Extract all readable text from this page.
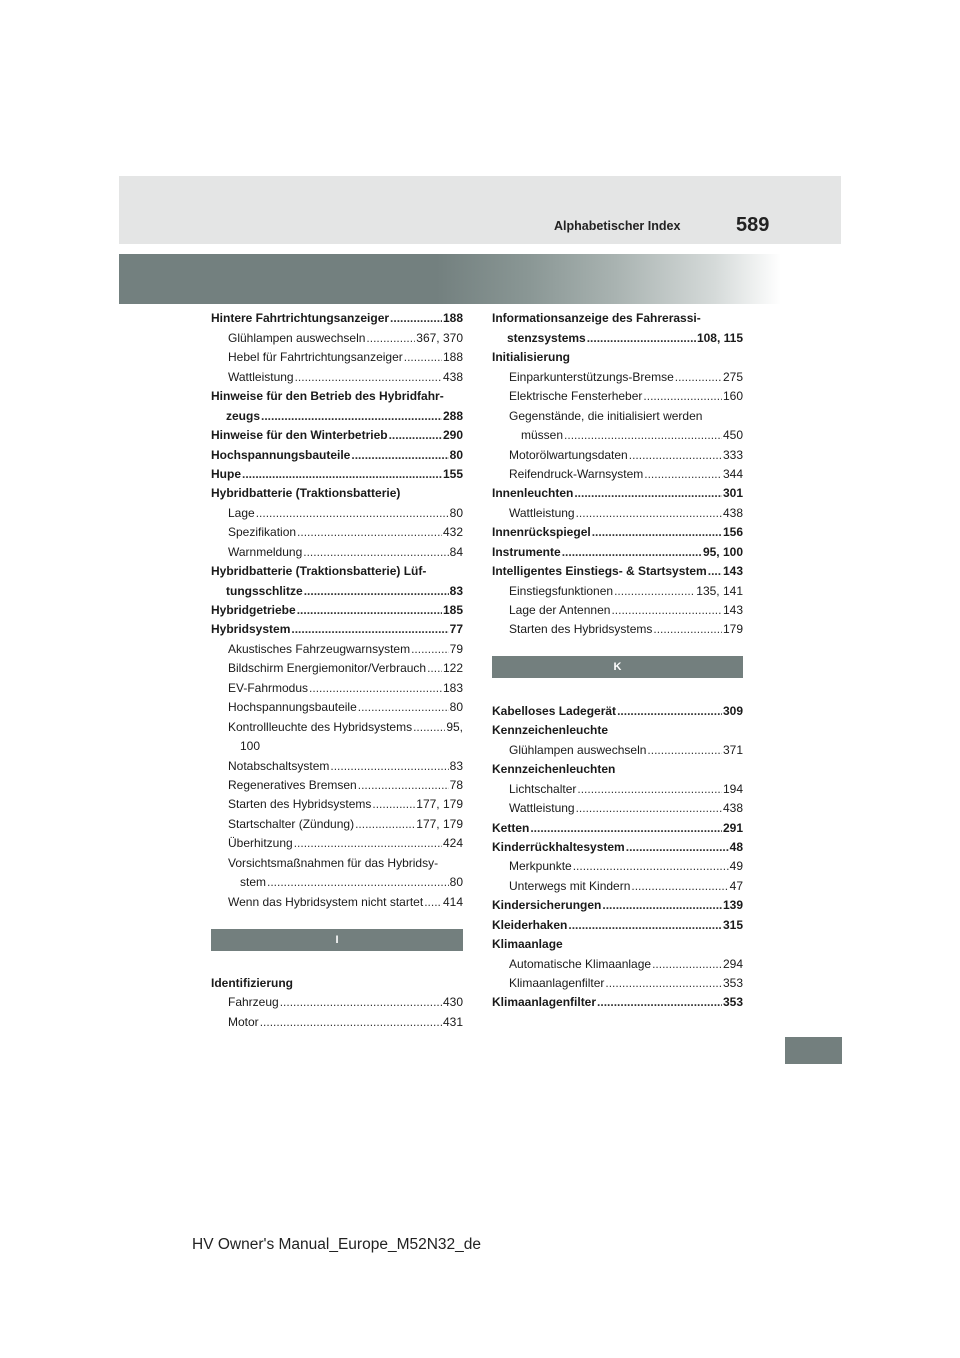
Alphabetischer Index	589
Hintere Fahrtrichtungsanzeiger .....	188
Glühlampen auswechseln .....	367, 370
Hebel für Fahrtrichtungsanzeiger .....	188
Wattleistung .....	438
Hinweise für den Betrieb des Hybridfahr-
zeugs .....	288
Hinweise für den Winterbetrieb .....	290
Hochspannungsbauteile .....	80
Hupe .....	155
Hybridbatterie (Traktionsbatterie)
Lage .....	80
Spezifikation .....	432
Warnmeldung .....	84
Hybridbatterie (Traktionsbatterie) Lüf-
tungsschlitze .....	83
Hybridgetriebe .....	185
Hybridsystem .....	77
Akustisches Fahrzeugwarnsystem .....	79
Bildschirm Energiemonitor/Verbrauch ..... 122
EV-Fahrmodus .....	183
Hochspannungsbauteile .....	80
Kontrollleuchte des Hybridsystems .....	95,
100
Notabschaltsystem .....	83
Regeneratives Bremsen .....	78
Starten des Hybridsystems .....	177, 179
Startschalter (Zündung) .....	177, 179
Überhitzung .....	424
Vorsichtsmaßnahmen für das Hybridsy-
stem .....	80
Wenn das Hybridsystem nicht startet ..... 414
I
Identifizierung
Fahrzeug .....	430
Motor .....	431
Informationsanzeige des Fahrerassi-
stenzsystems .....	108, 115
Initialisierung
Einparkunterstützungs-Bremse .....	275
Elektrische Fensterheber .....	160
Gegenstände, die initialisiert werden
müssen .....	450
Motorölwartungsdaten .....	333
Reifendruck-Warnsystem .....	344
Innenleuchten .....	301
Wattleistung .....	438
Innenrückspiegel .....	156
Instrumente .....	95, 100
Intelligentes Einstiegs- & Startsystem ..... 143
Einstiegsfunktionen .....	135, 141
Lage der Antennen .....	143
Starten des Hybridsystems .....	179
K
Kabelloses Ladegerät .....	309
Kennzeichenleuchte
Glühlampen auswechseln .....	371
Kennzeichenleuchten
Lichtschalter .....	194
Wattleistung .....	438
Ketten .....	291
Kinderrückhaltesystem .....	48
Merkpunkte .....	49
Unterwegs mit Kindern .....	47
Kindersicherungen .....	139
Kleiderhaken .....	315
Klimaanlage
Automatische Klimaanlage .....	294
Klimaanlagenfilter .....	353
Klimaanlagenfilter .....	353
HV Owner's Manual_Europe_M52N32_de
